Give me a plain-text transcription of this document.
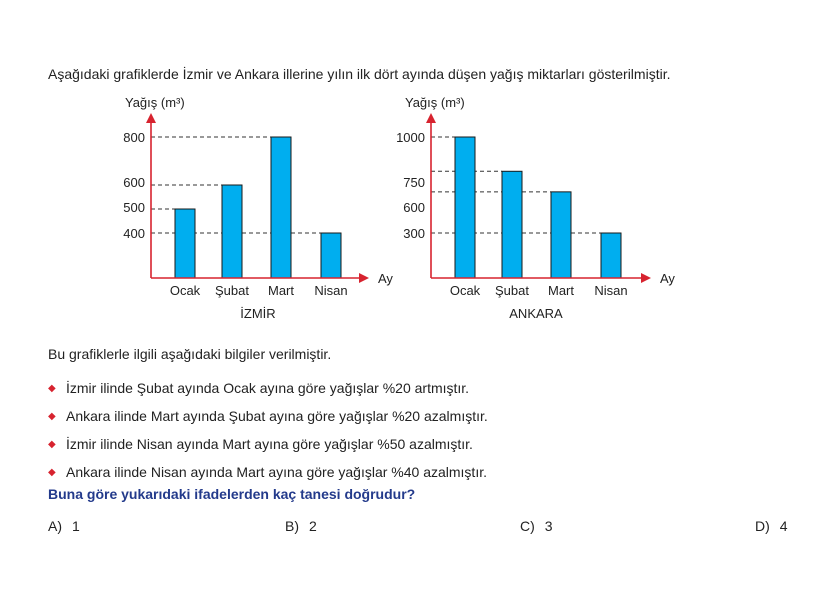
Aşağıdaki grafiklerde İzmir ve Ankara illerine yılın ilk dört ayında düşen yağış miktarları gösterilmiştir.
800
600
500
400
Yağış (m³)
Ay
Ocak Şubat Mart Nisan
İZMİR
1000
750
600
300
Yağış (m³)
Ay
Ocak Şubat Mart Nisan
ANKARA
Bu grafiklerle ilgili aşağıdaki bilgiler verilmiştir.
◆ İzmir ilinde Şubat ayında Ocak ayına göre yağışlar %20 artmıştır.
◆ Ankara ilinde Mart ayında Şubat ayına göre yağışlar %20 azalmıştır.
◆ İzmir ilinde Nisan ayında Mart ayına göre yağışlar %50 azalmıştır.
◆ Ankara ilinde Nisan ayında Mart ayına göre yağışlar %40 azalmıştır.
Buna göre yukarıdaki ifadelerden kaç tanesi doğrudur?
A) 1	B) 2	C) 3	D) 4
